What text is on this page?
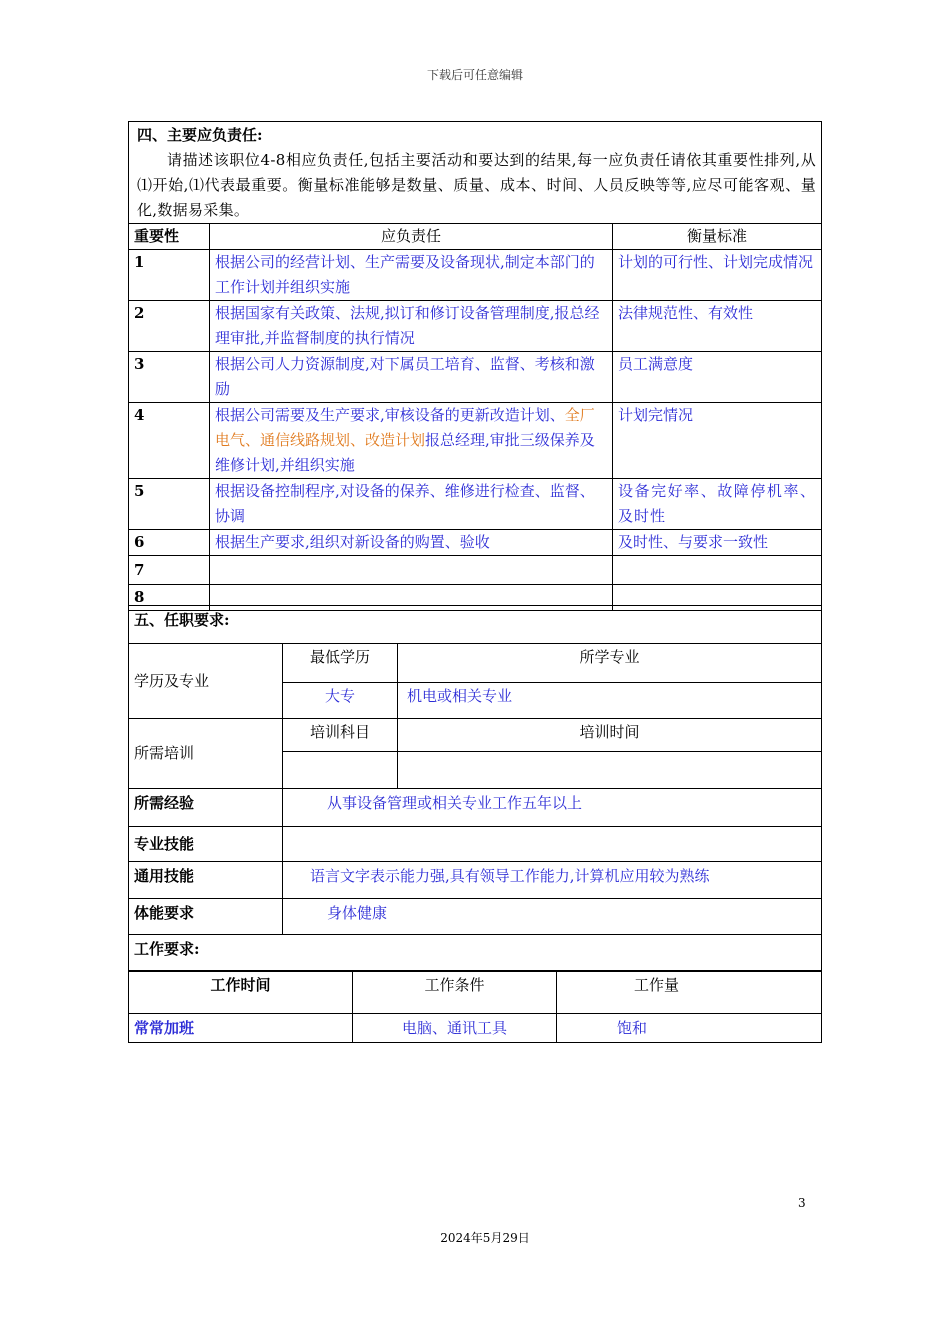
下载后可任意编辑
四、主要应负责任:

请描述该职位4-8相应负责任,包括主要活动和要达到的结果,每一应负责任请依其重要性排列,从⑴开始,⑴代表最重要。衡量标准能够是数量、质量、成本、时间、人员反映等等,应尽可能客观、量化,数据易采集。		

重要性	应负责任	衡量标准
1	根据公司的经营计划、生产需要及设备现状,制定本部门的工作计划并组织实施	计划的可行性、计划完成情况
2	根据国家有关政策、法规,拟订和修订设备管理制度,报总经理审批,并监督制度的执行情况	法律规范性、有效性
3	根据公司人力资源制度,对下属员工培育、监督、考核和激励	员工满意度
4	根据公司需要及生产要求,审核设备的更新改造计划、全厂电气、通信线路规划、改造计划报总经理,审批三级保养及维修计划,并组织实施	计划完情况
5	根据设备控制程序,对设备的保养、维修进行检查、监督、协调	设备完好率、故障停机率、及时性
6	根据生产要求,组织对新设备的购置、验收	及时性、与要求一致性
7		
8		
五、任职要求:		
学历及专业	最低学历	所学专业
	大专	机电或相关专业
所需培训	培训科目	培训时间

所需经验	从事设备管理或相关专业工作五年以上	
专业技能		
通用技能	语言文字表示能力强,具有领导工作能力,计算机应用较为熟练	
体能要求	身体健康	
工作要求:		
工作时间	工作条件	工作量
常常加班	电脑、通讯工具	饱和
3
2024年5月29日
